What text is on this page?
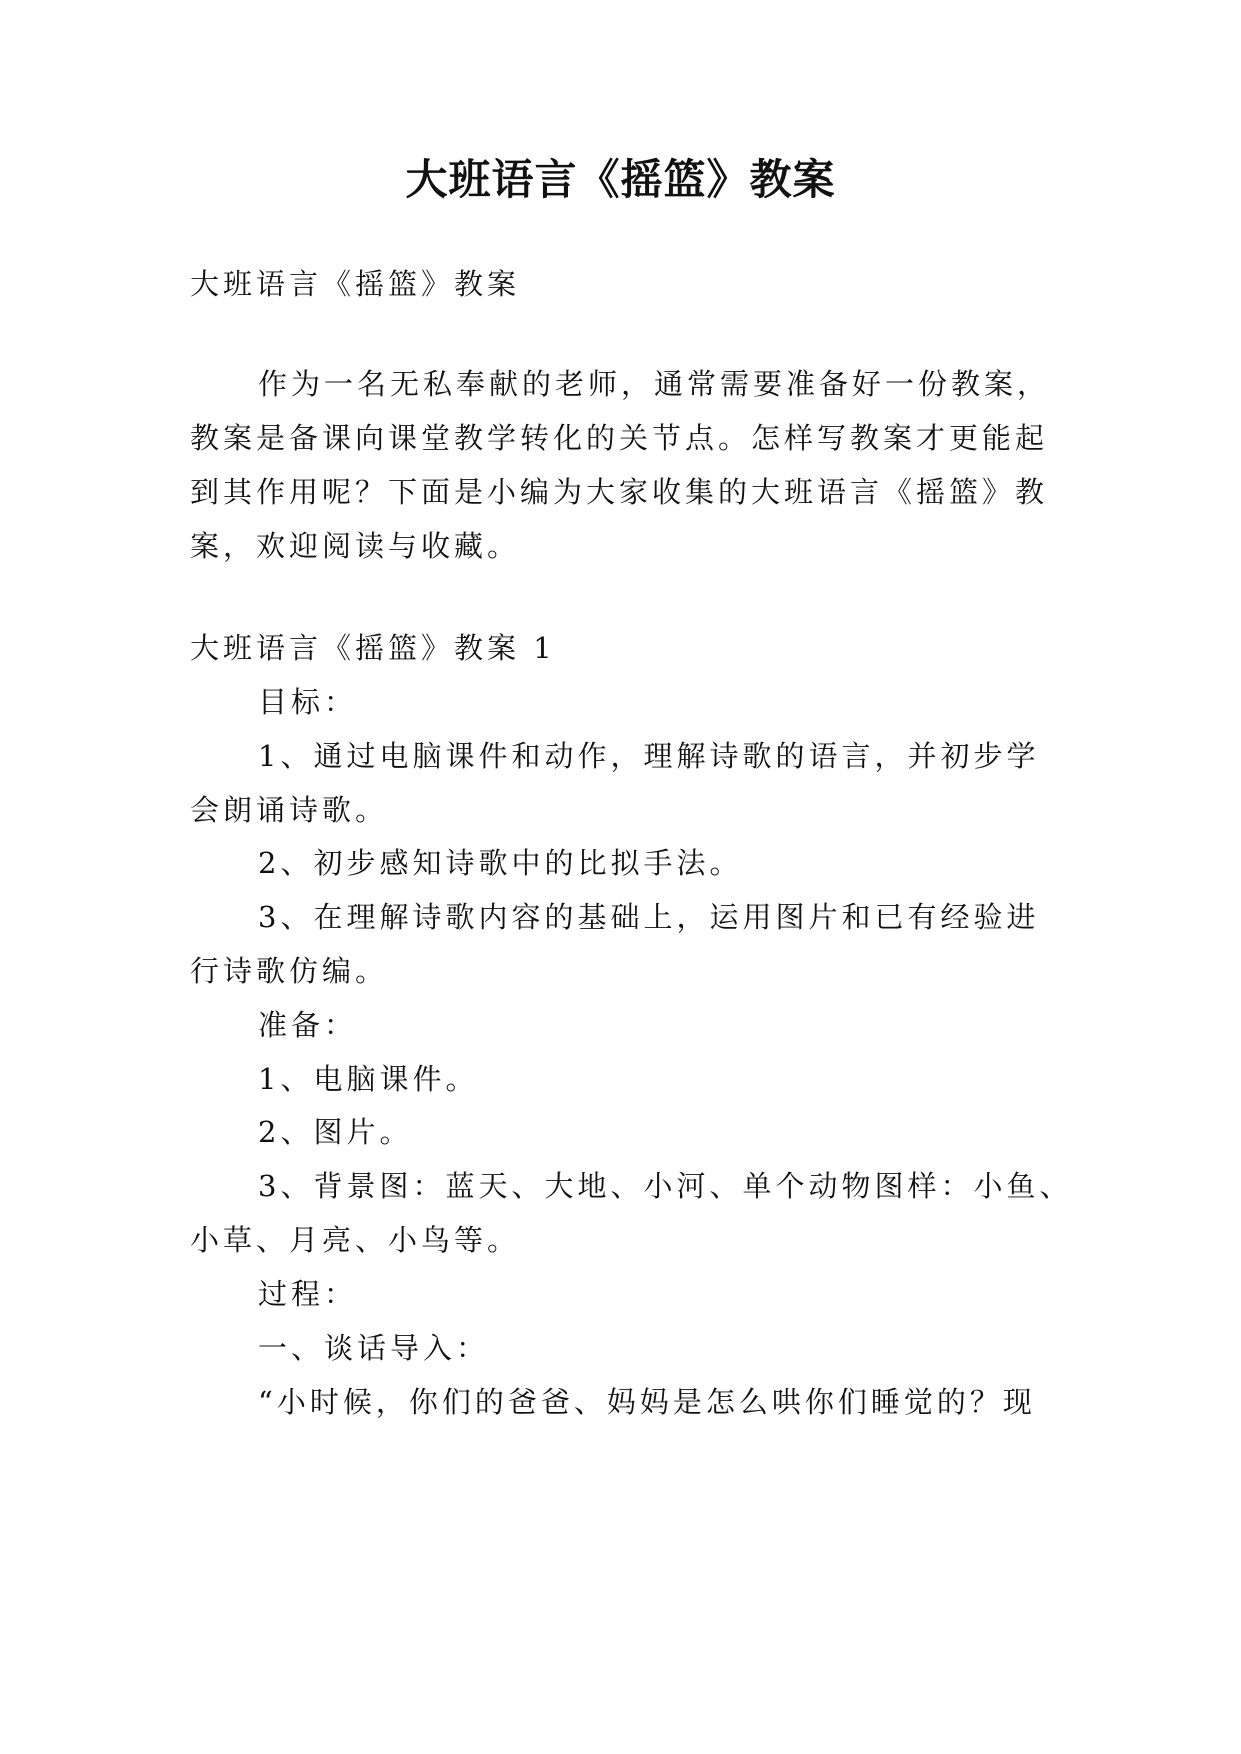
大班语言《摇篮》教案

大班语言《摇篮》教案

作为一名无私奉献的老师，通常需要准备好一份教案，

教案是备课向课堂教学转化的关节点。怎样写教案才更能起

到其作用呢？下面是小编为大家收集的大班语言《摇篮》教

案，欢迎阅读与收藏。

大班语言《摇篮》教案 1

目标：

1、通过电脑课件和动作，理解诗歌的语言，并初步学

会朗诵诗歌。

2、初步感知诗歌中的比拟手法。

3、在理解诗歌内容的基础上，运用图片和已有经验进

行诗歌仿编。

准备：

1、电脑课件。

2、图片。

3、背景图：蓝天、大地、小河、单个动物图样：小鱼、

小草、月亮、小鸟等。

过程：

一、谈话导入：

“小时候，你们的爸爸、妈妈是怎么哄你们睡觉的？现
